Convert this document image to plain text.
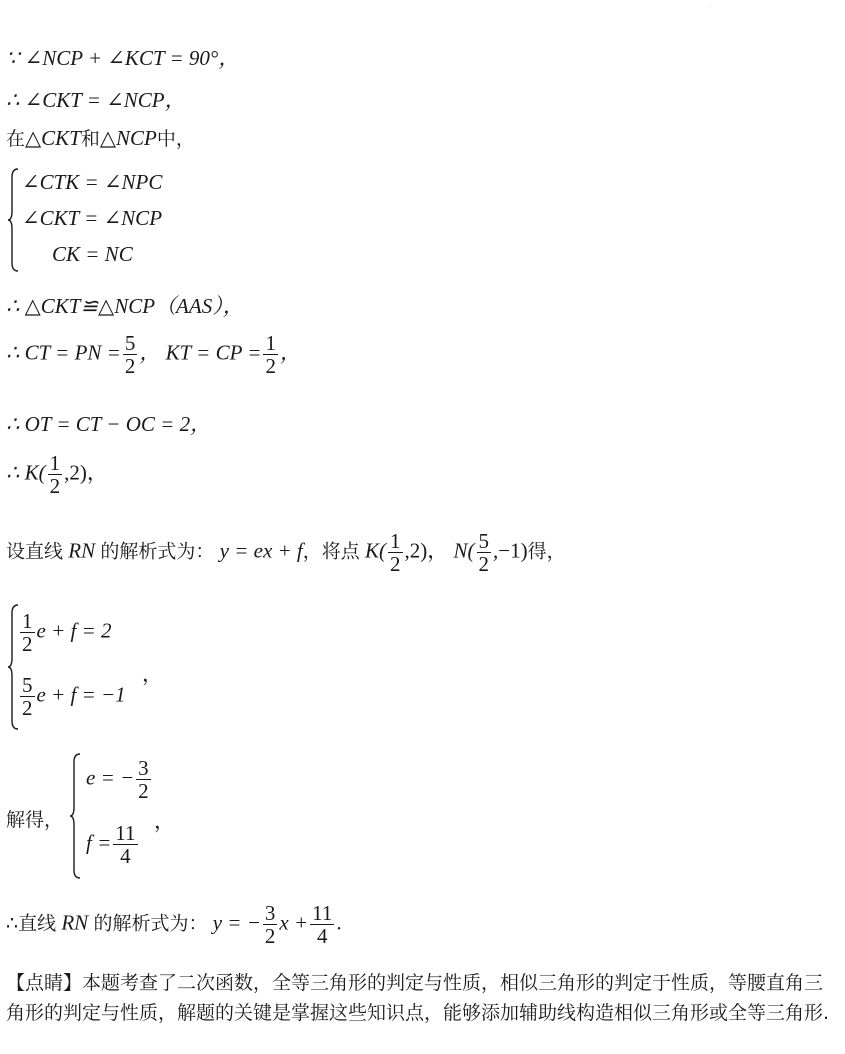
·
∵ ∠NCP + ∠KCT = 90°，
∴ ∠CKT = ∠NCP，
在△CKT和△NCP中，
∠CTK = ∠NPC
∠CKT = ∠NCP
CK = NC
∴ △CKT≌△NCP（AAS），
∴ CT = PN = $\frac{5}{2}$ ， KT = CP = $\frac{1}{2}$ ，
∴ OT = CT − OC = 2，
∴ $K( \frac{1}{2} ,2)$，
设直线 RN 的解析式为： y = ex + f，将点 $K( \frac{1}{2} ,2)$， $N( \frac{5}{2} ,-1)$得，
$\frac{1}{2}$ e + f = 2
$\frac{5}{2}$ e + f = −1
，
解得，
e = − $\frac{3}{2}$
$f = \frac{11}{4}$
，
∴直线 RN 的解析式为： y = − $\frac{3}{2}$ $x + \frac{11}{4}$ .
【点睛】本题考查了二次函数，全等三角形的判定与性质，相似三角形的判定于性质，等腰直角三角形的判定与性质，解题的关键是掌握这些知识点，能够添加辅助线构造相似三角形或全等三角形.
